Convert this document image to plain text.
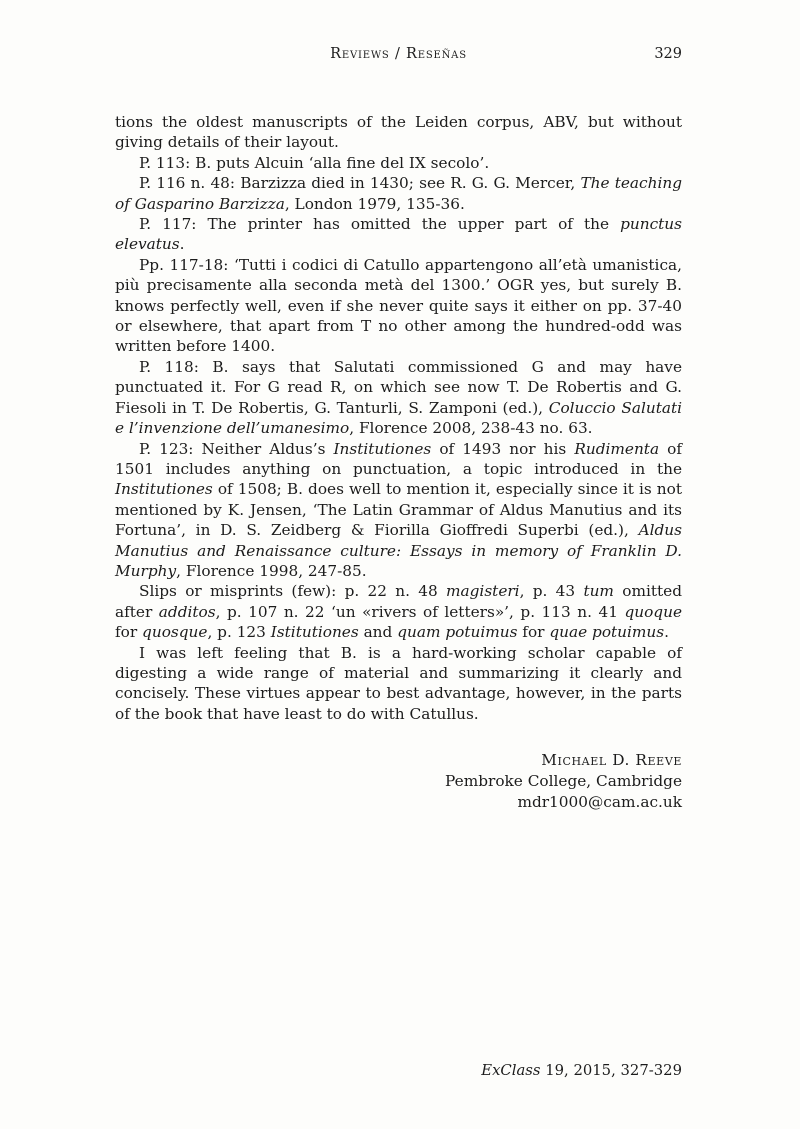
Reviews / Reseñas	329

tions the oldest manuscripts of the Leiden corpus, ABV, but without giving details of their layout.

P. 113: B. puts Alcuin ‘alla fine del IX secolo’.

P. 116 n. 48: Barzizza died in 1430; see R. G. G. Mercer, The teaching of Gasparino Barzizza, London 1979, 135-36.

P. 117: The printer has omitted the upper part of the punctus elevatus.

Pp. 117-18: ‘Tutti i codici di Catullo appartengono all’età umanistica, più precisamente alla seconda metà del 1300.’ OGR yes, but surely B. knows perfectly well, even if she never quite says it either on pp. 37-40 or elsewhere, that apart from T no other among the hundred-odd was written before 1400.

P. 118: B. says that Salutati commissioned G and may have punctuated it. For G read R, on which see now T. De Robertis and G. Fiesoli in T. De Robertis, G. Tanturli, S. Zamponi (ed.), Coluccio Salutati e l’invenzione dell’umanesimo, Florence 2008, 238-43 no. 63.

P. 123: Neither Aldus’s Institutiones of 1493 nor his Rudimenta of 1501 includes anything on punctuation, a topic introduced in the Institutiones of 1508; B. does well to mention it, especially since it is not mentioned by K. Jensen, ‘The Latin Grammar of Aldus Manutius and its Fortuna’, in D. S. Zeidberg & Fiorilla Gioffredi Superbi (ed.), Aldus Manutius and Renaissance culture: Essays in memory of Franklin D. Murphy, Florence 1998, 247-85.

Slips or misprints (few): p. 22 n. 48 magisteri, p. 43 tum omitted after additos, p. 107 n. 22 ‘un «rivers of letters»’, p. 113 n. 41 quoque for quosque, p. 123 Istitutiones and quam potuimus for quae potuimus.

I was left feeling that B. is a hard-working scholar capable of digesting a wide range of material and summarizing it clearly and concisely. These virtues appear to best advantage, however, in the parts of the book that have least to do with Catullus.

Michael D. Reeve
Pembroke College, Cambridge
mdr1000@cam.ac.uk
ExClass 19, 2015, 327-329
